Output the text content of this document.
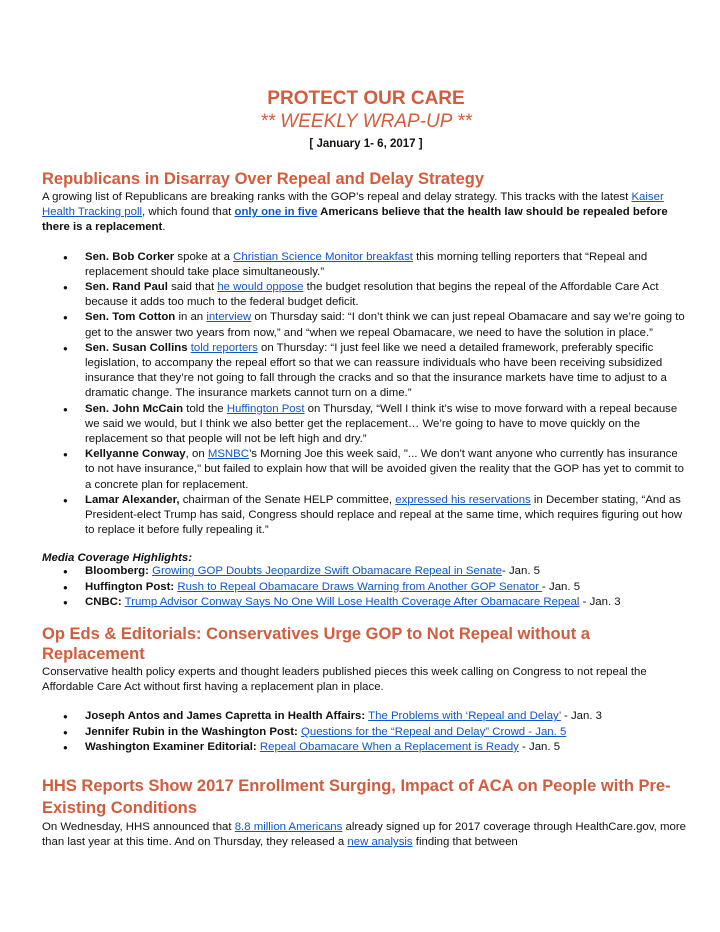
PROTECT OUR CARE
** WEEKLY WRAP-UP **
[ January 1- 6, 2017 ]
Republicans in Disarray Over Repeal and Delay Strategy

A growing list of Republicans are breaking ranks with the GOP’s repeal and delay strategy. This tracks with the latest Kaiser Health Tracking poll, which found that only one in five Americans believe that the health law should be repealed before there is a replacement.

● Sen. Bob Corker spoke at a Christian Science Monitor breakfast this morning telling reporters that “Repeal and replacement should take place simultaneously.”
● Sen. Rand Paul said that he would oppose the budget resolution that begins the repeal of the Affordable Care Act because it adds too much to the federal budget deficit.
● Sen. Tom Cotton in an interview on Thursday said: “I don’t think we can just repeal Obamacare and say we’re going to get to the answer two years from now,” and “when we repeal Obamacare, we need to have the solution in place.”
● Sen. Susan Collins told reporters on Thursday: “I just feel like we need a detailed framework, preferably specific legislation, to accompany the repeal effort so that we can reassure individuals who have been receiving subsidized insurance that they’re not going to fall through the cracks and so that the insurance markets have time to adjust to a dramatic change. The insurance markets cannot turn on a dime.”
● Sen. John McCain told the Huffington Post on Thursday, “Well I think it’s wise to move forward with a repeal because we said we would, but I think we also better get the replacement… We’re going to have to move quickly on the replacement so that people will not be left high and dry.”
● Kellyanne Conway, on MSNBC’s Morning Joe this week said, "... We don't want anyone who currently has insurance to not have insurance," but failed to explain how that will be avoided given the reality that the GOP has yet to commit to a concrete plan for replacement.
● Lamar Alexander, chairman of the Senate HELP committee, expressed his reservations in December stating, “And as President-elect Trump has said, Congress should replace and repeal at the same time, which requires figuring out how to replace it before fully repealing it.”
Media Coverage Highlights:
● Bloomberg: Growing GOP Doubts Jeopardize Swift Obamacare Repeal in Senate- Jan. 5
● Huffington Post: Rush to Repeal Obamacare Draws Warning from Another GOP Senator - Jan. 5
● CNBC: Trump Advisor Conway Says No One Will Lose Health Coverage After Obamacare Repeal - Jan. 3
Op Eds & Editorials: Conservatives Urge GOP to Not Repeal without a Replacement

Conservative health policy experts and thought leaders published pieces this week calling on Congress to not repeal the Affordable Care Act without first having a replacement plan in place.

● Joseph Antos and James Capretta in Health Affairs: The Problems with ‘Repeal and Delay’ - Jan. 3
● Jennifer Rubin in the Washington Post: Questions for the “Repeal and Delay” Crowd - Jan. 5
● Washington Examiner Editorial: Repeal Obamacare When a Replacement is Ready - Jan. 5
HHS Reports Show 2017 Enrollment Surging, Impact of ACA on People with Pre-Existing Conditions

On Wednesday, HHS announced that 8.8 million Americans already signed up for 2017 coverage through HealthCare.gov, more than last year at this time. And on Thursday, they released a new analysis finding that between
